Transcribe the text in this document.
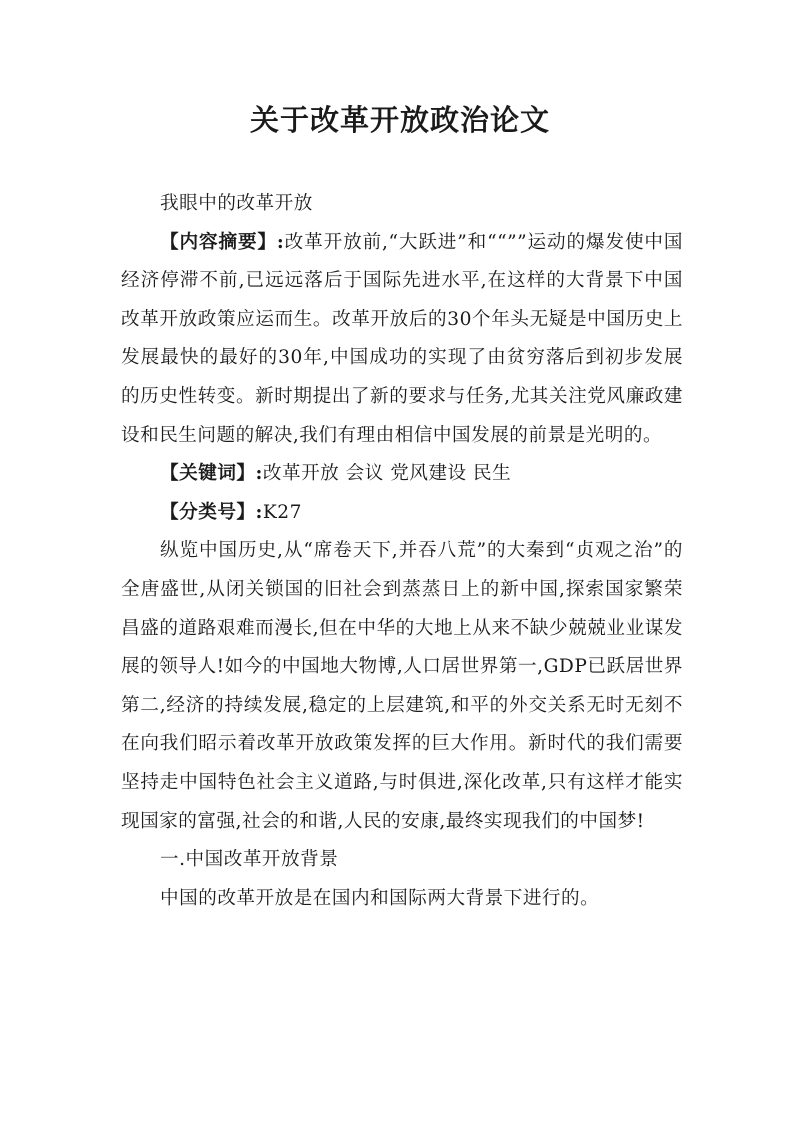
关于改革开放政治论文

我眼中的改革开放

【内容摘要】:改革开放前,“大跃进”和““””运动的爆发使中国经济停滞不前,已远远落后于国际先进水平,在这样的大背景下中国改革开放政策应运而生。改革开放后的30个年头无疑是中国历史上发展最快的最好的30年,中国成功的实现了由贫穷落后到初步发展的历史性转变。新时期提出了新的要求与任务,尤其关注党风廉政建设和民生问题的解决,我们有理由相信中国发展的前景是光明的。

【关键词】:改革开放 会议 党风建设 民生

【分类号】:K27

纵览中国历史,从“席卷天下,并吞八荒”的大秦到“贞观之治”的全唐盛世,从闭关锁国的旧社会到蒸蒸日上的新中国,探索国家繁荣昌盛的道路艰难而漫长,但在中华的大地上从来不缺少兢兢业业谋发展的领导人!如今的中国地大物博,人口居世界第一,GDP已跃居世界第二,经济的持续发展,稳定的上层建筑,和平的外交关系无时无刻不在向我们昭示着改革开放政策发挥的巨大作用。新时代的我们需要坚持走中国特色社会主义道路,与时俱进,深化改革,只有这样才能实现国家的富强,社会的和谐,人民的安康,最终实现我们的中国梦!

一.中国改革开放背景

中国的改革开放是在国内和国际两大背景下进行的。
